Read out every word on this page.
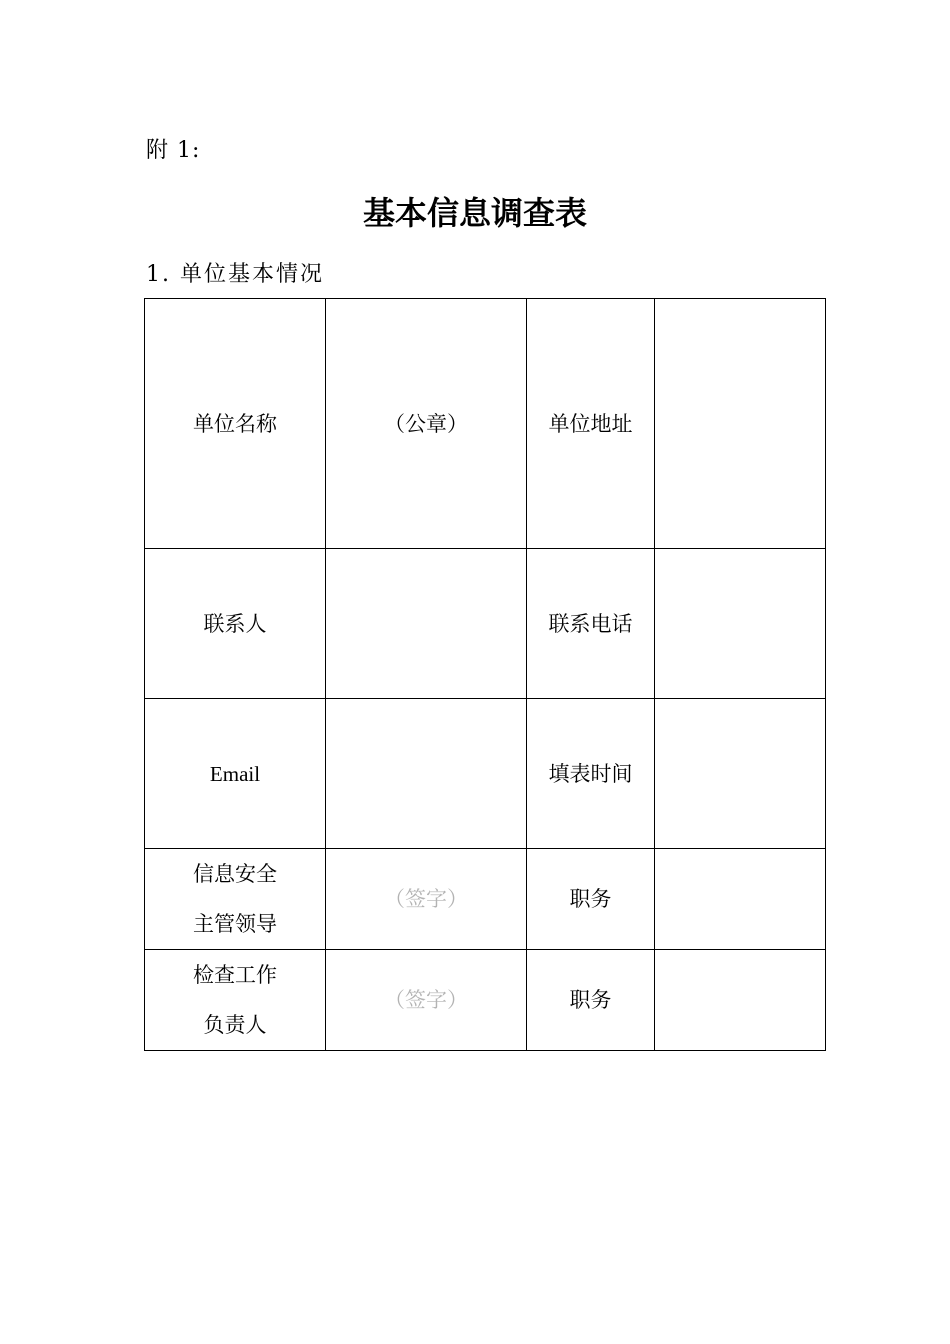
附 1:
基本信息调查表
1. 单位基本情况
单位名称	（公章）	单位地址	
联系人		联系电话	
Email		填表时间	

信息安全
主管领导	（签字）	职务	

检查工作
负责人	（签字）	职务	
